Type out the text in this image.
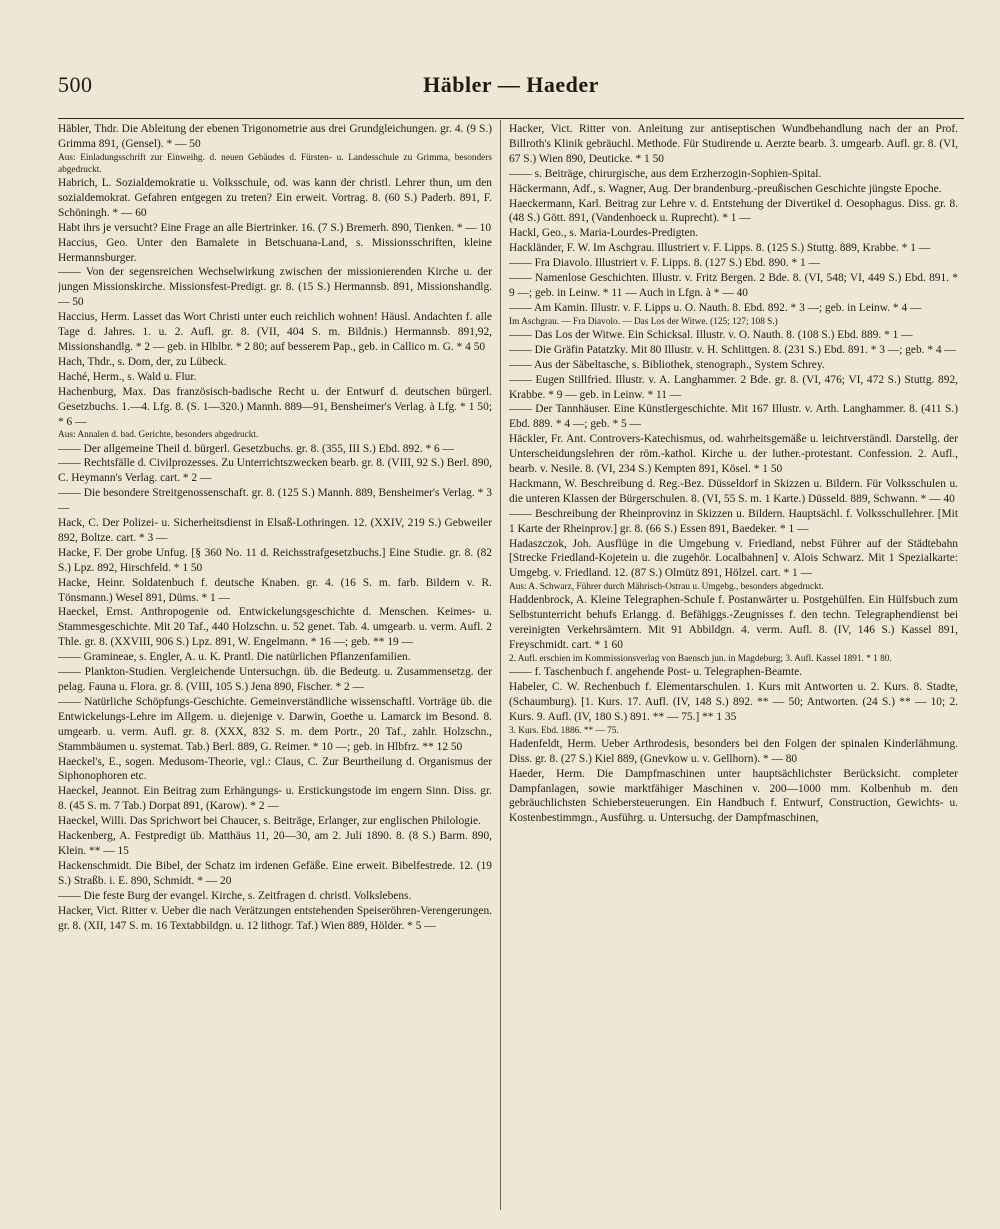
500	Häbler — Haeder

Häbler, Thdr. Die Ableitung der ebenen Trigonometrie aus drei Grundgleichungen. gr. 4. (9 S.) Grimma 891, (Gensel). * — 50

Aus: Einladungsschrift zur Einweihg. d. neuen Gebäudes d. Fürsten- u. Landesschule zu Grimma, besonders abgedruckt.

Habrich, L. Sozialdemokratie u. Volksschule, od. was kann der christl. Lehrer thun, um den sozialdemokrat. Gefahren entgegen zu treten? Ein erweit. Vortrag. 8. (60 S.) Paderb. 891, F. Schöningh. * — 60

Habt ihrs je versucht? Eine Frage an alle Biertrinker. 16. (7 S.) Bremerh. 890, Tienken. * — 10

Haccius, Geo. Unter den Bamalete in Betschuana-Land, s. Missionsschriften, kleine Hermannsburger.

—— Von der segensreichen Wechselwirkung zwischen der missionierenden Kirche u. der jungen Missionskirche. Missionsfest-Predigt. gr. 8. (15 S.) Hermannsb. 891, Missionshandlg. — 50

Haccius, Herm. Lasset das Wort Christi unter euch reichlich wohnen! Häusl. Andachten f. alle Tage d. Jahres. 1. u. 2. Aufl. gr. 8. (VII, 404 S. m. Bildnis.) Hermannsb. 891,92, Missionshandlg. * 2 — geb. in Hlblbr. * 2 80; auf besserem Pap., geb. in Callico m. G. * 4 50

Hach, Thdr., s. Dom, der, zu Lübeck.

Haché, Herm., s. Wald u. Flur.

Hachenburg, Max. Das französisch-badische Recht u. der Entwurf d. deutschen bürgerl. Gesetzbuchs. 1.—4. Lfg. 8. (S. 1—320.) Mannh. 889—91, Bensheimer's Verlag. à Lfg. * 1 50; * 6 —

Aus: Annalen d. bad. Gerichte, besonders abgedruckt.

—— Der allgemeine Theil d. bürgerl. Gesetzbuchs. gr. 8. (355, III S.) Ebd. 892. * 6 —

—— Rechtsfälle d. Civilprozesses. Zu Unterrichtszwecken bearb. gr. 8. (VIII, 92 S.) Berl. 890, C. Heymann's Verlag. cart. * 2 —

—— Die besondere Streitgenossenschaft. gr. 8. (125 S.) Mannh. 889, Bensheimer's Verlag. * 3 —

Hack, C. Der Polizei- u. Sicherheitsdienst in Elsaß-Lothringen. 12. (XXIV, 219 S.) Gebweiler 892, Boltze. cart. * 3 —

Hacke, F. Der grobe Unfug. [§ 360 No. 11 d. Reichsstrafgesetzbuchs.] Eine Studie. gr. 8. (82 S.) Lpz. 892, Hirschfeld. * 1 50

Hacke, Heinr. Soldatenbuch f. deutsche Knaben. gr. 4. (16 S. m. farb. Bildern v. R. Tönsmann.) Wesel 891, Düms. * 1 —

Haeckel, Ernst. Anthropogenie od. Entwickelungsgeschichte d. Menschen. Keimes- u. Stammesgeschichte. Mit 20 Taf., 440 Holzschn. u. 52 genet. Tab. 4. umgearb. u. verm. Aufl. 2 Thle. gr. 8. (XXVIII, 906 S.) Lpz. 891, W. Engelmann. * 16 —; geb. ** 19 —

—— Gramineae, s. Engler, A. u. K. Prantl. Die natürlichen Pflanzenfamilien.

—— Plankton-Studien. Vergleichende Untersuchgn. üb. die Bedeutg. u. Zusammensetzg. der pelag. Fauna u. Flora. gr. 8. (VIII, 105 S.) Jena 890, Fischer. * 2 —

—— Natürliche Schöpfungs-Geschichte. Gemeinverständliche wissenschaftl. Vorträge üb. die Entwickelungs-Lehre im Allgem. u. diejenige v. Darwin, Goethe u. Lamarck im Besond. 8. umgearb. u. verm. Aufl. gr. 8. (XXX, 832 S. m. dem Portr., 20 Taf., zahlr. Holzschn., Stammbäumen u. systemat. Tab.) Berl. 889, G. Reimer. * 10 —; geb. in Hlbfrz. ** 12 50

Haeckel's, E., sogen. Medusom-Theorie, vgl.: Claus, C. Zur Beurtheilung d. Organismus der Siphonophoren etc.

Haeckel, Jeannot. Ein Beitrag zum Erhängungs- u. Erstickungstode im engern Sinn. Diss. gr. 8. (45 S. m. 7 Tab.) Dorpat 891, (Karow). * 2 —

Haeckel, Willi. Das Sprichwort bei Chaucer, s. Beiträge, Erlanger, zur englischen Philologie.

Hackenberg, A. Festpredigt üb. Matthäus 11, 20—30, am 2. Juli 1890. 8. (8 S.) Barm. 890, Klein. ** — 15

Hackenschmidt. Die Bibel, der Schatz im irdenen Gefäße. Eine erweit. Bibelfestrede. 12. (19 S.) Straßb. i. E. 890, Schmidt. * — 20

—— Die feste Burg der evangel. Kirche, s. Zeitfragen d. christl. Volkslebens.

Hacker, Vict. Ritter v. Ueber die nach Verätzungen entstehenden Speiseröhren-Verengerungen. gr. 8. (XII, 147 S. m. 16 Textabbildgn. u. 12 lithogr. Taf.) Wien 889, Hölder. * 5 —

Hacker, Vict. Ritter von. Anleitung zur antiseptischen Wundbehandlung nach der an Prof. Billroth's Klinik gebräuchl. Methode. Für Studirende u. Aerzte bearb. 3. umgearb. Aufl. gr. 8. (VI, 67 S.) Wien 890, Deuticke. * 1 50

—— s. Beiträge, chirurgische, aus dem Erzherzogin-Sophien-Spital.

Häckermann, Adf., s. Wagner, Aug. Der brandenburg.-preußischen Geschichte jüngste Epoche.

Haeckermann, Karl. Beitrag zur Lehre v. d. Entstehung der Divertikel d. Oesophagus. Diss. gr. 8. (48 S.) Gött. 891, (Vandenhoeck u. Ruprecht). * 1 —

Hackl, Geo., s. Maria-Lourdes-Predigten.

Hackländer, F. W. Im Aschgrau. Illustriert v. F. Lipps. 8. (125 S.) Stuttg. 889, Krabbe. * 1 —

—— Fra Diavolo. Illustriert v. F. Lipps. 8. (127 S.) Ebd. 890. * 1 —

—— Namenlose Geschichten. Illustr. v. Fritz Bergen. 2 Bde. 8. (VI, 548; VI, 449 S.) Ebd. 891. * 9 —; geb. in Leinw. * 11 — Auch in Lfgn. à * — 40

—— Am Kamin. Illustr. v. F. Lipps u. O. Nauth. 8. Ebd. 892. * 3 —; geb. in Leinw. * 4 —

Im Aschgrau. — Fra Diavolo. — Das Los der Witwe. (125; 127; 108 S.)

—— Das Los der Witwe. Ein Schicksal. Illustr. v. O. Nauth. 8. (108 S.) Ebd. 889. * 1 —

—— Die Gräfin Patatzky. Mit 80 Illustr. v. H. Schlittgen. 8. (231 S.) Ebd. 891. * 3 —; geb. * 4 —

—— Aus der Säbeltasche, s. Bibliothek, stenograph., System Schrey.

—— Eugen Stillfried. Illustr. v. A. Langhammer. 2 Bde. gr. 8. (VI, 476; VI, 472 S.) Stuttg. 892, Krabbe. * 9 — geb. in Leinw. * 11 —

—— Der Tannhäuser. Eine Künstlergeschichte. Mit 167 Illustr. v. Arth. Langhammer. 8. (411 S.) Ebd. 889. * 4 —; geb. * 5 —

Häckler, Fr. Ant. Controvers-Katechismus, od. wahrheitsgemäße u. leichtverständl. Darstellg. der Unterscheidungslehren der röm.-kathol. Kirche u. der luther.-protestant. Confession. 2. Aufl., bearb. v. Nesile. 8. (VI, 234 S.) Kempten 891, Kösel. * 1 50

Hackmann, W. Beschreibung d. Reg.-Bez. Düsseldorf in Skizzen u. Bildern. Für Volksschulen u. die unteren Klassen der Bürgerschulen. 8. (VI, 55 S. m. 1 Karte.) Düsseld. 889, Schwann. * — 40

—— Beschreibung der Rheinprovinz in Skizzen u. Bildern. Hauptsächl. f. Volksschullehrer. [Mit 1 Karte der Rheinprov.] gr. 8. (66 S.) Essen 891, Baedeker. * 1 —

Hadaszczok, Joh. Ausflüge in die Umgebung v. Friedland, nebst Führer auf der Städtebahn [Strecke Friedland-Kojetein u. die zugehör. Localbahnen] v. Alois Schwarz. Mit 1 Spezialkarte: Umgebg. v. Friedland. 12. (87 S.) Olmütz 891, Hölzel. cart. * 1 —

Aus: A. Schwarz, Führer durch Mährisch-Ostrau u. Umgebg., besonders abgedruckt.

Haddenbrock, A. Kleine Telegraphen-Schule f. Postanwärter u. Postgehülfen. Ein Hülfsbuch zum Selbstunterricht behufs Erlangg. d. Befähiggs.-Zeugnisses f. den techn. Telegraphendienst bei vereinigten Verkehrsämtern. Mit 91 Abbildgn. 4. verm. Aufl. 8. (IV, 146 S.) Kassel 891, Freyschmidt. cart. * 1 60

2. Aufl. erschien im Kommissionsverlag von Baensch jun. in Magdeburg; 3. Aufl. Kassel 1891. * 1 80.

—— f. Taschenbuch f. angehende Post- u. Telegraphen-Beamte.

Habeler, C. W. Rechenbuch f. Elementarschulen. 1. Kurs mit Antworten u. 2. Kurs. 8. Stadte, (Schaumburg). [1. Kurs. 17. Aufl. (IV, 148 S.) 892. ** — 50; Antworten. (24 S.) ** — 10; 2. Kurs. 9. Aufl. (IV, 180 S.) 891. ** — 75.] ** 1 35

3. Kurs. Ebd. 1886. ** — 75.

Hadenfeldt, Herm. Ueber Arthrodesis, besonders bei den Folgen der spinalen Kinderlähmung. Diss. gr. 8. (27 S.) Kiel 889, (Gnevkow u. v. Gellhorn). * — 80

Haeder, Herm. Die Dampfmaschinen unter hauptsächlichster Berücksicht. completer Dampfanlagen, sowie marktfähiger Maschinen v. 200—1000 mm. Kolbenhub m. den gebräuchlichsten Schiebersteuerungen. Ein Handbuch f. Entwurf, Construction, Gewichts- u. Kostenbestimmgn., Ausführg. u. Untersuchg. der Dampfmaschinen,
